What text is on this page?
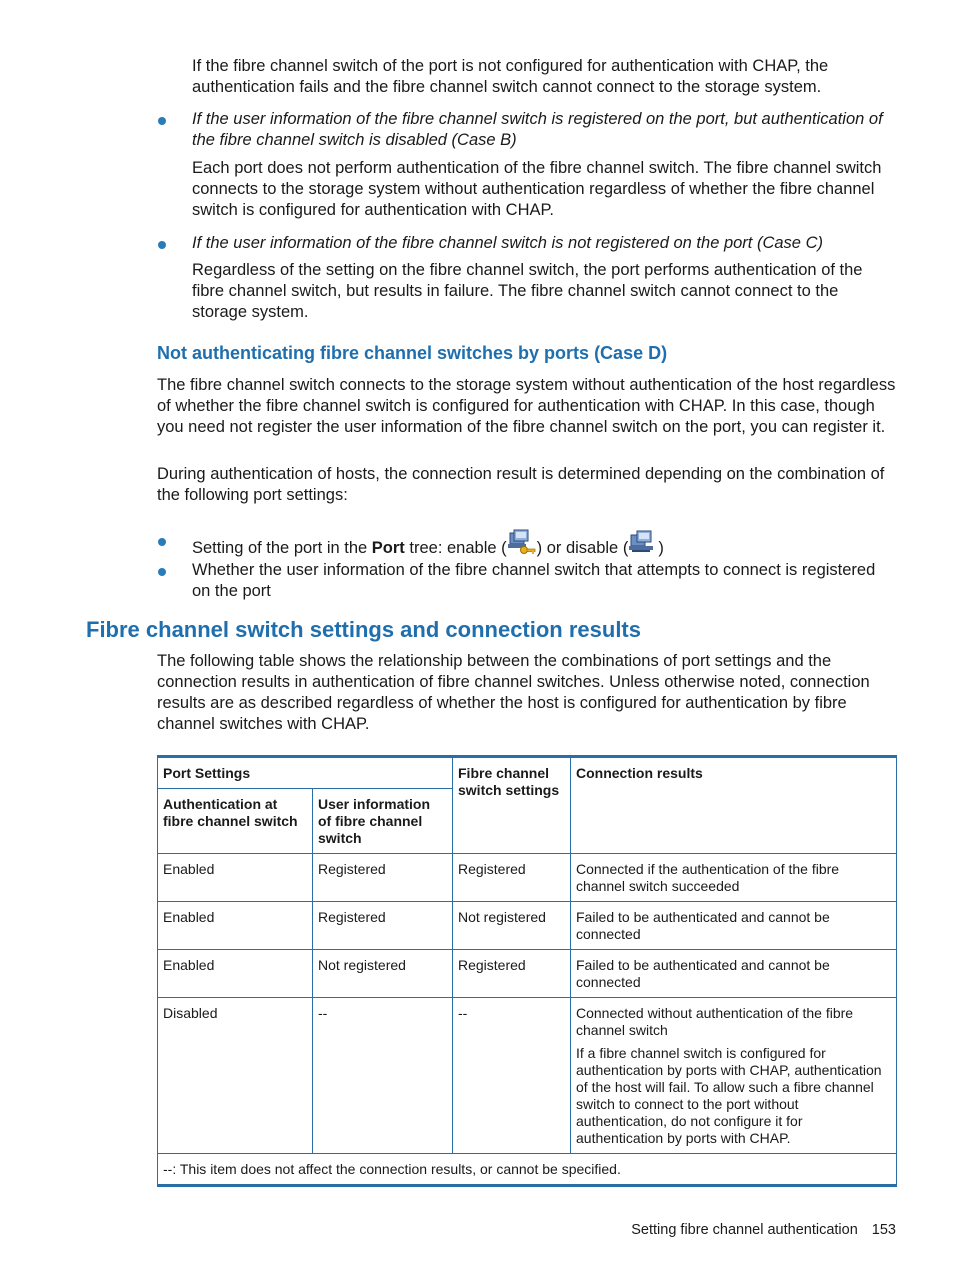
If the fibre channel switch of the port is not configured for authentication with CHAP, the authentication fails and the fibre channel switch cannot connect to the storage system.

If the user information of the fibre channel switch is registered on the port, but authentication of the fibre channel switch is disabled (Case B)

Each port does not perform authentication of the fibre channel switch. The fibre channel switch connects to the storage system without authentication regardless of whether the fibre channel switch is configured for authentication with CHAP.

If the user information of the fibre channel switch is not registered on the port (Case C)

Regardless of the setting on the fibre channel switch, the port performs authentication of the fibre channel switch, but results in failure. The fibre channel switch cannot connect to the storage system.

Not authenticating fibre channel switches by ports (Case D)

The fibre channel switch connects to the storage system without authentication of the host regardless of whether the fibre channel switch is configured for authentication with CHAP. In this case, though you need not register the user information of the fibre channel switch on the port, you can register it.

During authentication of hosts, the connection result is determined depending on the combination of the following port settings:

Setting of the port in the Port tree: enable ( ) or disable ( )

Whether the user information of the fibre channel switch that attempts to connect is registered on the port

Fibre channel switch settings and connection results

The following table shows the relationship between the combinations of port settings and the connection results in authentication of fibre channel switches. Unless otherwise noted, connection results are as described regardless of whether the host is configured for authentication by fibre channel switches with CHAP.

Port Settings		Fibre channel switch settings	Connection results
Authentication at fibre channel switch	User information of fibre channel switch		
Enabled	Registered	Registered	Connected if the authentication of the fibre channel switch succeeded
Enabled	Registered	Not registered	Failed to be authenticated and cannot be connected
Enabled	Not registered	Registered	Failed to be authenticated and cannot be connected
Disabled	--	--	Connected without authentication of the fibre channel switch

If a fibre channel switch is configured for authentication by ports with CHAP, authentication of the host will fail. To allow such a fibre channel switch to connect to the port without authentication, do not configure it for authentication by ports with CHAP.

--: This item does not affect the connection results, or cannot be specified.			
Setting fibre channel authentication 153
